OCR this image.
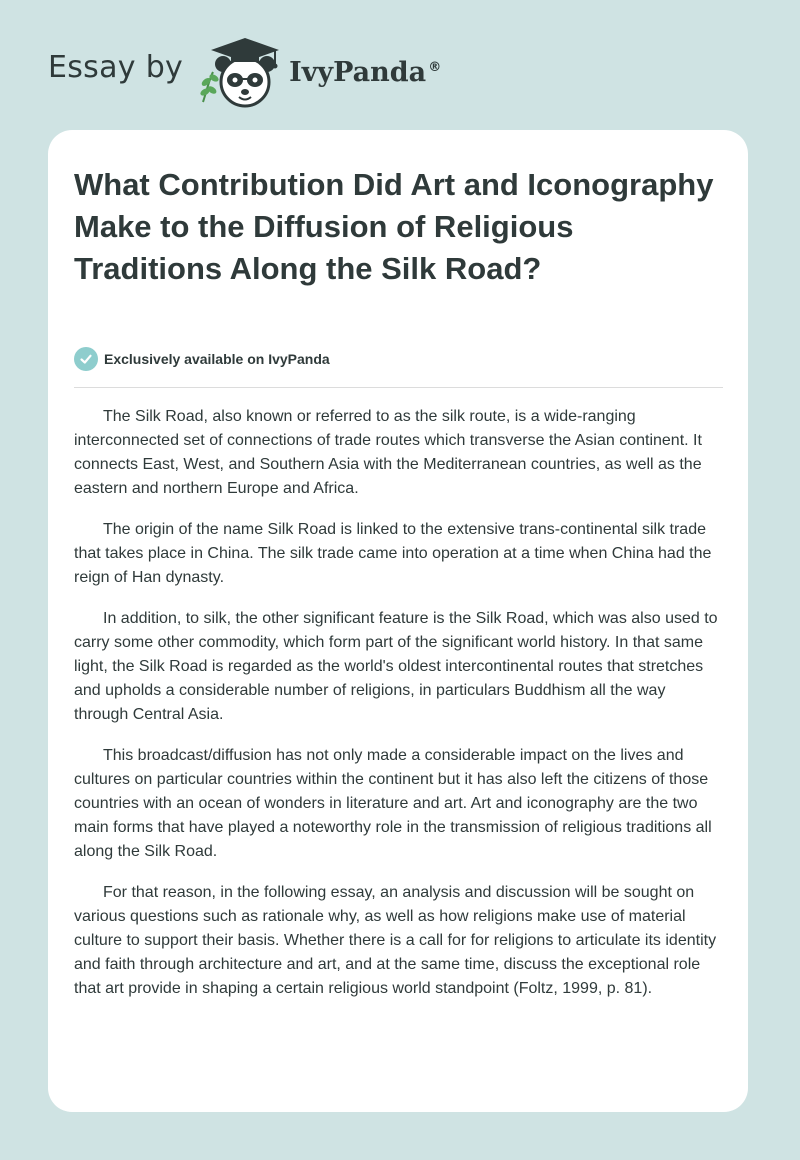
Essay by	IvyPanda ®
What Contribution Did Art and Iconography Make to the Diffusion of Religious Traditions Along the Silk Road?
Exclusively available on IvyPanda

The Silk Road, also known or referred to as the silk route, is a wide-ranging interconnected set of connections of trade routes which transverse the Asian continent. It connects East, West, and Southern Asia with the Mediterranean countries, as well as the eastern and northern Europe and Africa.

The origin of the name Silk Road is linked to the extensive trans-continental silk trade that takes place in China. The silk trade came into operation at a time when China had the reign of Han dynasty.

In addition, to silk, the other significant feature is the Silk Road, which was also used to carry some other commodity, which form part of the significant world history. In that same light, the Silk Road is regarded as the world's oldest intercontinental routes that stretches and upholds a considerable number of religions, in particulars Buddhism all the way through Central Asia.

This broadcast/diffusion has not only made a considerable impact on the lives and cultures on particular countries within the continent but it has also left the citizens of those countries with an ocean of wonders in literature and art. Art and iconography are the two main forms that have played a noteworthy role in the transmission of religious traditions all along the Silk Road.

For that reason, in the following essay, an analysis and discussion will be sought on various questions such as rationale why, as well as how religions make use of material culture to support their basis. Whether there is a call for for religions to articulate its identity and faith through architecture and art, and at the same time, discuss the exceptional role that art provide in shaping a certain religious world standpoint (Foltz, 1999, p. 81).
